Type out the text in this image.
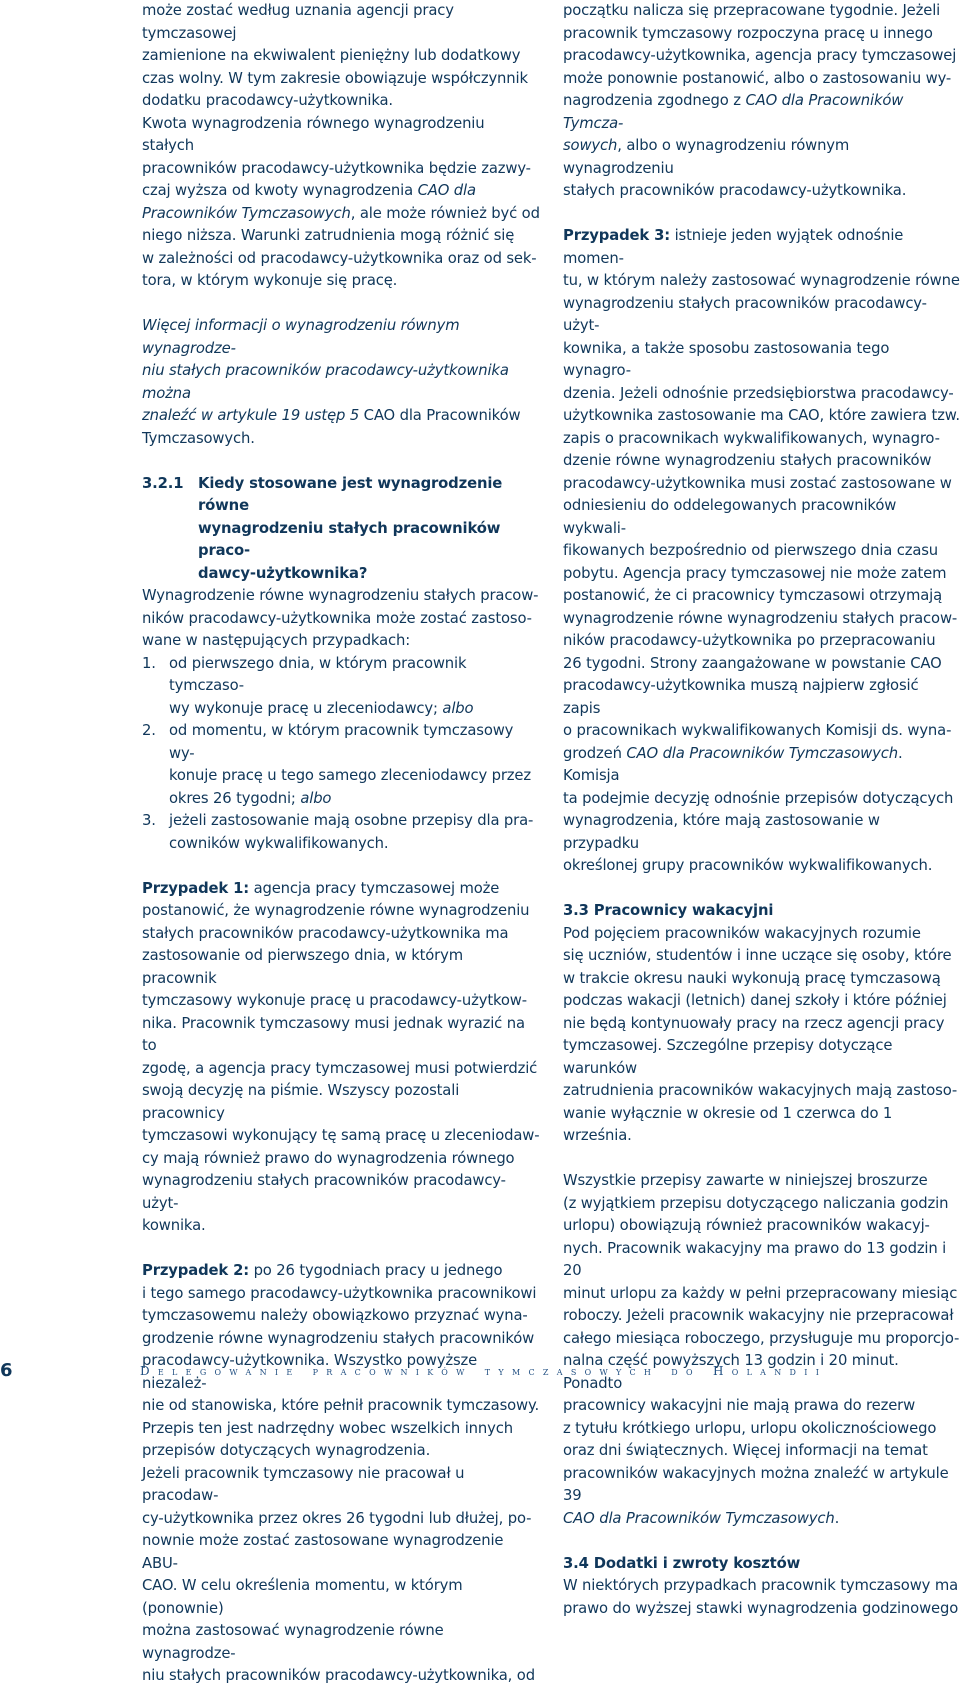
może zostać według uznania agencji pracy tymczasowej

zamienione na ekwiwalent pieniężny lub dodatkowy

czas wolny. W tym zakresie obowiązuje współczynnik

dodatku pracodawcy-użytkownika.

Kwota wynagrodzenia równego wynagrodzeniu stałych

pracowników pracodawcy-użytkownika będzie zazwy-

czaj wyższa od kwoty wynagrodzenia CAO dla

Pracowników Tymczasowych, ale może również być od

niego niższa. Warunki zatrudnienia mogą różnić się

w zależności od pracodawcy-użytkownika oraz od sek-

tora, w którym wykonuje się pracę.

Więcej informacji o wynagrodzeniu równym wynagrodze-

niu stałych pracowników pracodawcy-użytkownika można

znaleźć w artykule 19 ustęp 5 CAO dla Pracowników

Tymczasowych.

3.2.1 Kiedy stosowane jest wynagrodzenie równe
wynagrodzeniu stałych pracowników praco-
dawcy-użytkownika?

Wynagrodzenie równe wynagrodzeniu stałych pracow-

ników pracodawcy-użytkownika może zostać zastoso-

wane w następujących przypadkach:

1. od pierwszego dnia, w którym pracownik tymczaso-
wy wykonuje pracę u zleceniodawcy; albo
2. od momentu, w którym pracownik tymczasowy wy-
konuje pracę u tego samego zleceniodawcy przez
okres 26 tygodni; albo
3. jeżeli zastosowanie mają osobne przepisy dla pra-
cowników wykwalifikowanych.

Przypadek 1: agencja pracy tymczasowej może

postanowić, że wynagrodzenie równe wynagrodzeniu

stałych pracowników pracodawcy-użytkownika ma

zastosowanie od pierwszego dnia, w którym pracownik

tymczasowy wykonuje pracę u pracodawcy-użytkow-

nika. Pracownik tymczasowy musi jednak wyrazić na to

zgodę, a agencja pracy tymczasowej musi potwierdzić

swoją decyzję na piśmie. Wszyscy pozostali pracownicy

tymczasowi wykonujący tę samą pracę u zleceniodaw-

cy mają również prawo do wynagrodzenia równego

wynagrodzeniu stałych pracowników pracodawcy-użyt-

kownika.

Przypadek 2: po 26 tygodniach pracy u jednego

i tego samego pracodawcy-użytkownika pracownikowi

tymczasowemu należy obowiązkowo przyznać wyna-

grodzenie równe wynagrodzeniu stałych pracowników

pracodawcy-użytkownika. Wszystko powyższe niezależ-

nie od stanowiska, które pełnił pracownik tymczasowy.

Przepis ten jest nadrzędny wobec wszelkich innych

przepisów dotyczących wynagrodzenia.

Jeżeli pracownik tymczasowy nie pracował u pracodaw-

cy-użytkownika przez okres 26 tygodni lub dłużej, po-

nownie może zostać zastosowane wynagrodzenie ABU-

CAO. W celu określenia momentu, w którym (ponownie)

można zastosować wynagrodzenie równe wynagrodze-

niu stałych pracowników pracodawcy-użytkownika, od

początku nalicza się przepracowane tygodnie. Jeżeli

pracownik tymczasowy rozpoczyna pracę u innego

pracodawcy-użytkownika, agencja pracy tymczasowej

może ponownie postanowić, albo o zastosowaniu wy-

nagrodzenia zgodnego z CAO dla Pracowników Tymcza-

sowych, albo o wynagrodzeniu równym wynagrodzeniu

stałych pracowników pracodawcy-użytkownika.

Przypadek 3: istnieje jeden wyjątek odnośnie momen-

tu, w którym należy zastosować wynagrodzenie równe

wynagrodzeniu stałych pracowników pracodawcy-użyt-

kownika, a także sposobu zastosowania tego wynagro-

dzenia. Jeżeli odnośnie przedsiębiorstwa pracodawcy-

użytkownika zastosowanie ma CAO, które zawiera tzw.

zapis o pracownikach wykwalifikowanych, wynagro-

dzenie równe wynagrodzeniu stałych pracowników

pracodawcy-użytkownika musi zostać zastosowane w

odniesieniu do oddelegowanych pracowników wykwali-

fikowanych bezpośrednio od pierwszego dnia czasu

pobytu. Agencja pracy tymczasowej nie może zatem

postanowić, że ci pracownicy tymczasowi otrzymają

wynagrodzenie równe wynagrodzeniu stałych pracow-

ników pracodawcy-użytkownika po przepracowaniu

26 tygodni. Strony zaangażowane w powstanie CAO

pracodawcy-użytkownika muszą najpierw zgłosić zapis

o pracownikach wykwalifikowanych Komisji ds. wyna-

grodzeń CAO dla Pracowników Tymczasowych. Komisja

ta podejmie decyzję odnośnie przepisów dotyczących

wynagrodzenia, które mają zastosowanie w przypadku

określonej grupy pracowników wykwalifikowanych.

3.3 Pracownicy wakacyjni

Pod pojęciem pracowników wakacyjnych rozumie

się uczniów, studentów i inne uczące się osoby, które

w trakcie okresu nauki wykonują pracę tymczasową

podczas wakacji (letnich) danej szkoły i które później

nie będą kontynuowały pracy na rzecz agencji pracy

tymczasowej. Szczególne przepisy dotyczące warunków

zatrudnienia pracowników wakacyjnych mają zastoso-

wanie wyłącznie w okresie od 1 czerwca do 1 września.

Wszystkie przepisy zawarte w niniejszej broszurze

(z wyjątkiem przepisu dotyczącego naliczania godzin

urlopu) obowiązują również pracowników wakacyj-

nych. Pracownik wakacyjny ma prawo do 13 godzin i 20

minut urlopu za każdy w pełni przepracowany miesiąc

roboczy. Jeżeli pracownik wakacyjny nie przepracował

całego miesiąca roboczego, przysługuje mu proporcjo-

nalna część powyższych 13 godzin i 20 minut. Ponadto

pracownicy wakacyjni nie mają prawa do rezerw

z tytułu krótkiego urlopu, urlopu okolicznościowego

oraz dni świątecznych. Więcej informacji na temat

pracowników wakacyjnych można znaleźć w artykule 39

CAO dla Pracowników Tymczasowych.

3.4 Dodatki i zwroty kosztów

W niektórych przypadkach pracownik tymczasowy ma

prawo do wyższej stawki wynagrodzenia godzinowego

6	Delegowanie pracowników tymczasowych do Holandii
